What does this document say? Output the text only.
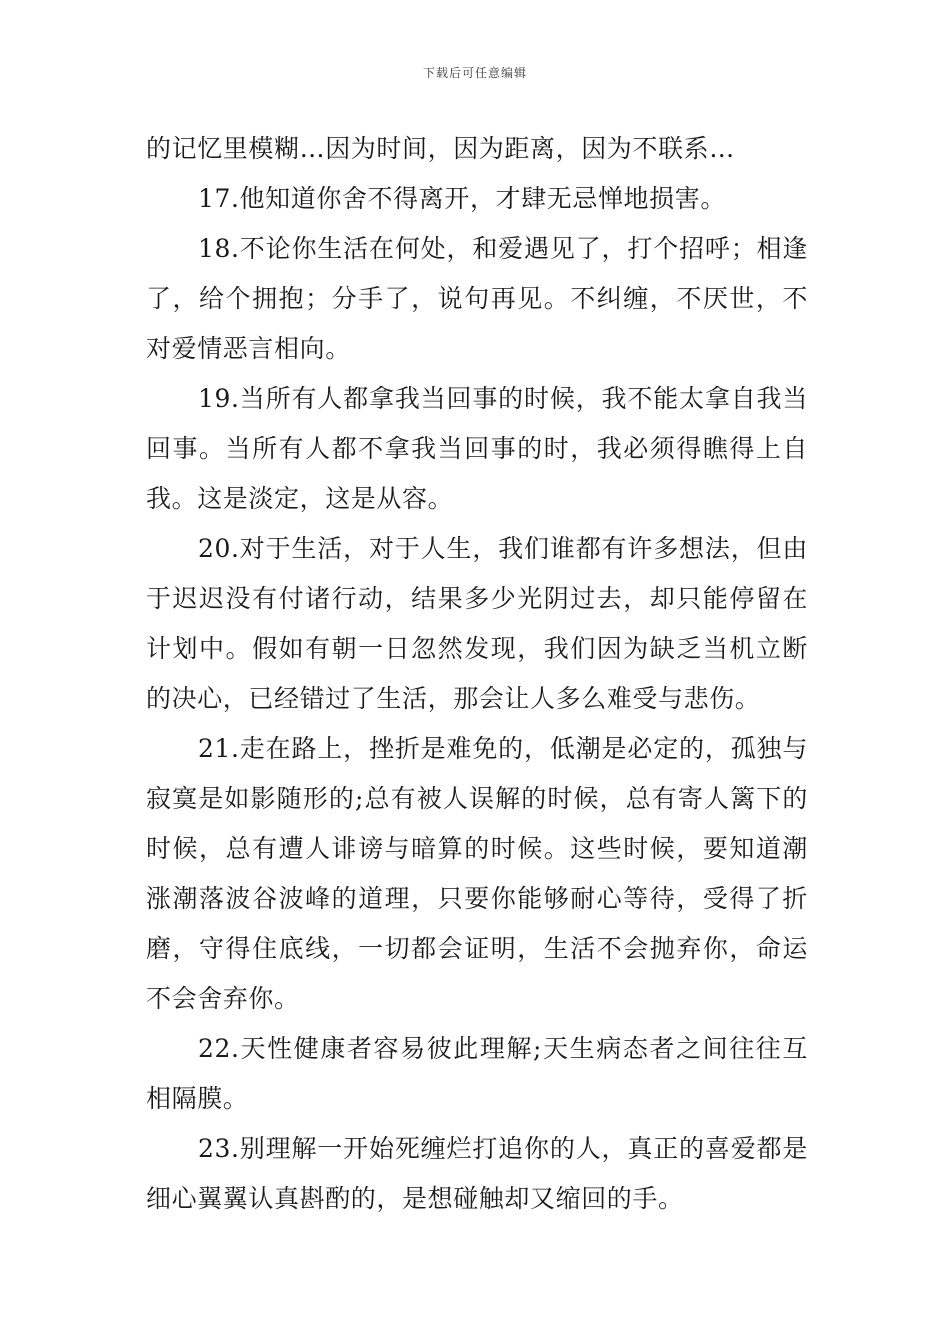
下载后可任意编辑

的记忆里模糊…因为时间，因为距离，因为不联系…

17.他知道你舍不得离开，才肆无忌惮地损害。

18.不论你生活在何处，和爱遇见了，打个招呼；相逢了，给个拥抱；分手了，说句再见。不纠缠，不厌世，不对爱情恶言相向。

19.当所有人都拿我当回事的时候，我不能太拿自我当回事。当所有人都不拿我当回事的时，我必须得瞧得上自我。这是淡定，这是从容。

20.对于生活，对于人生，我们谁都有许多想法，但由于迟迟没有付诸行动，结果多少光阴过去，却只能停留在计划中。假如有朝一日忽然发现，我们因为缺乏当机立断的决心，已经错过了生活，那会让人多么难受与悲伤。

21.走在路上，挫折是难免的，低潮是必定的，孤独与寂寞是如影随形的;总有被人误解的时候，总有寄人篱下的时候，总有遭人诽谤与暗算的时候。这些时候，要知道潮涨潮落波谷波峰的道理，只要你能够耐心等待，受得了折磨，守得住底线，一切都会证明，生活不会抛弃你，命运不会舍弃你。

22.天性健康者容易彼此理解;天生病态者之间往往互相隔膜。

23.别理解一开始死缠烂打追你的人，真正的喜爱都是细心翼翼认真斟酌的，是想碰触却又缩回的手。
